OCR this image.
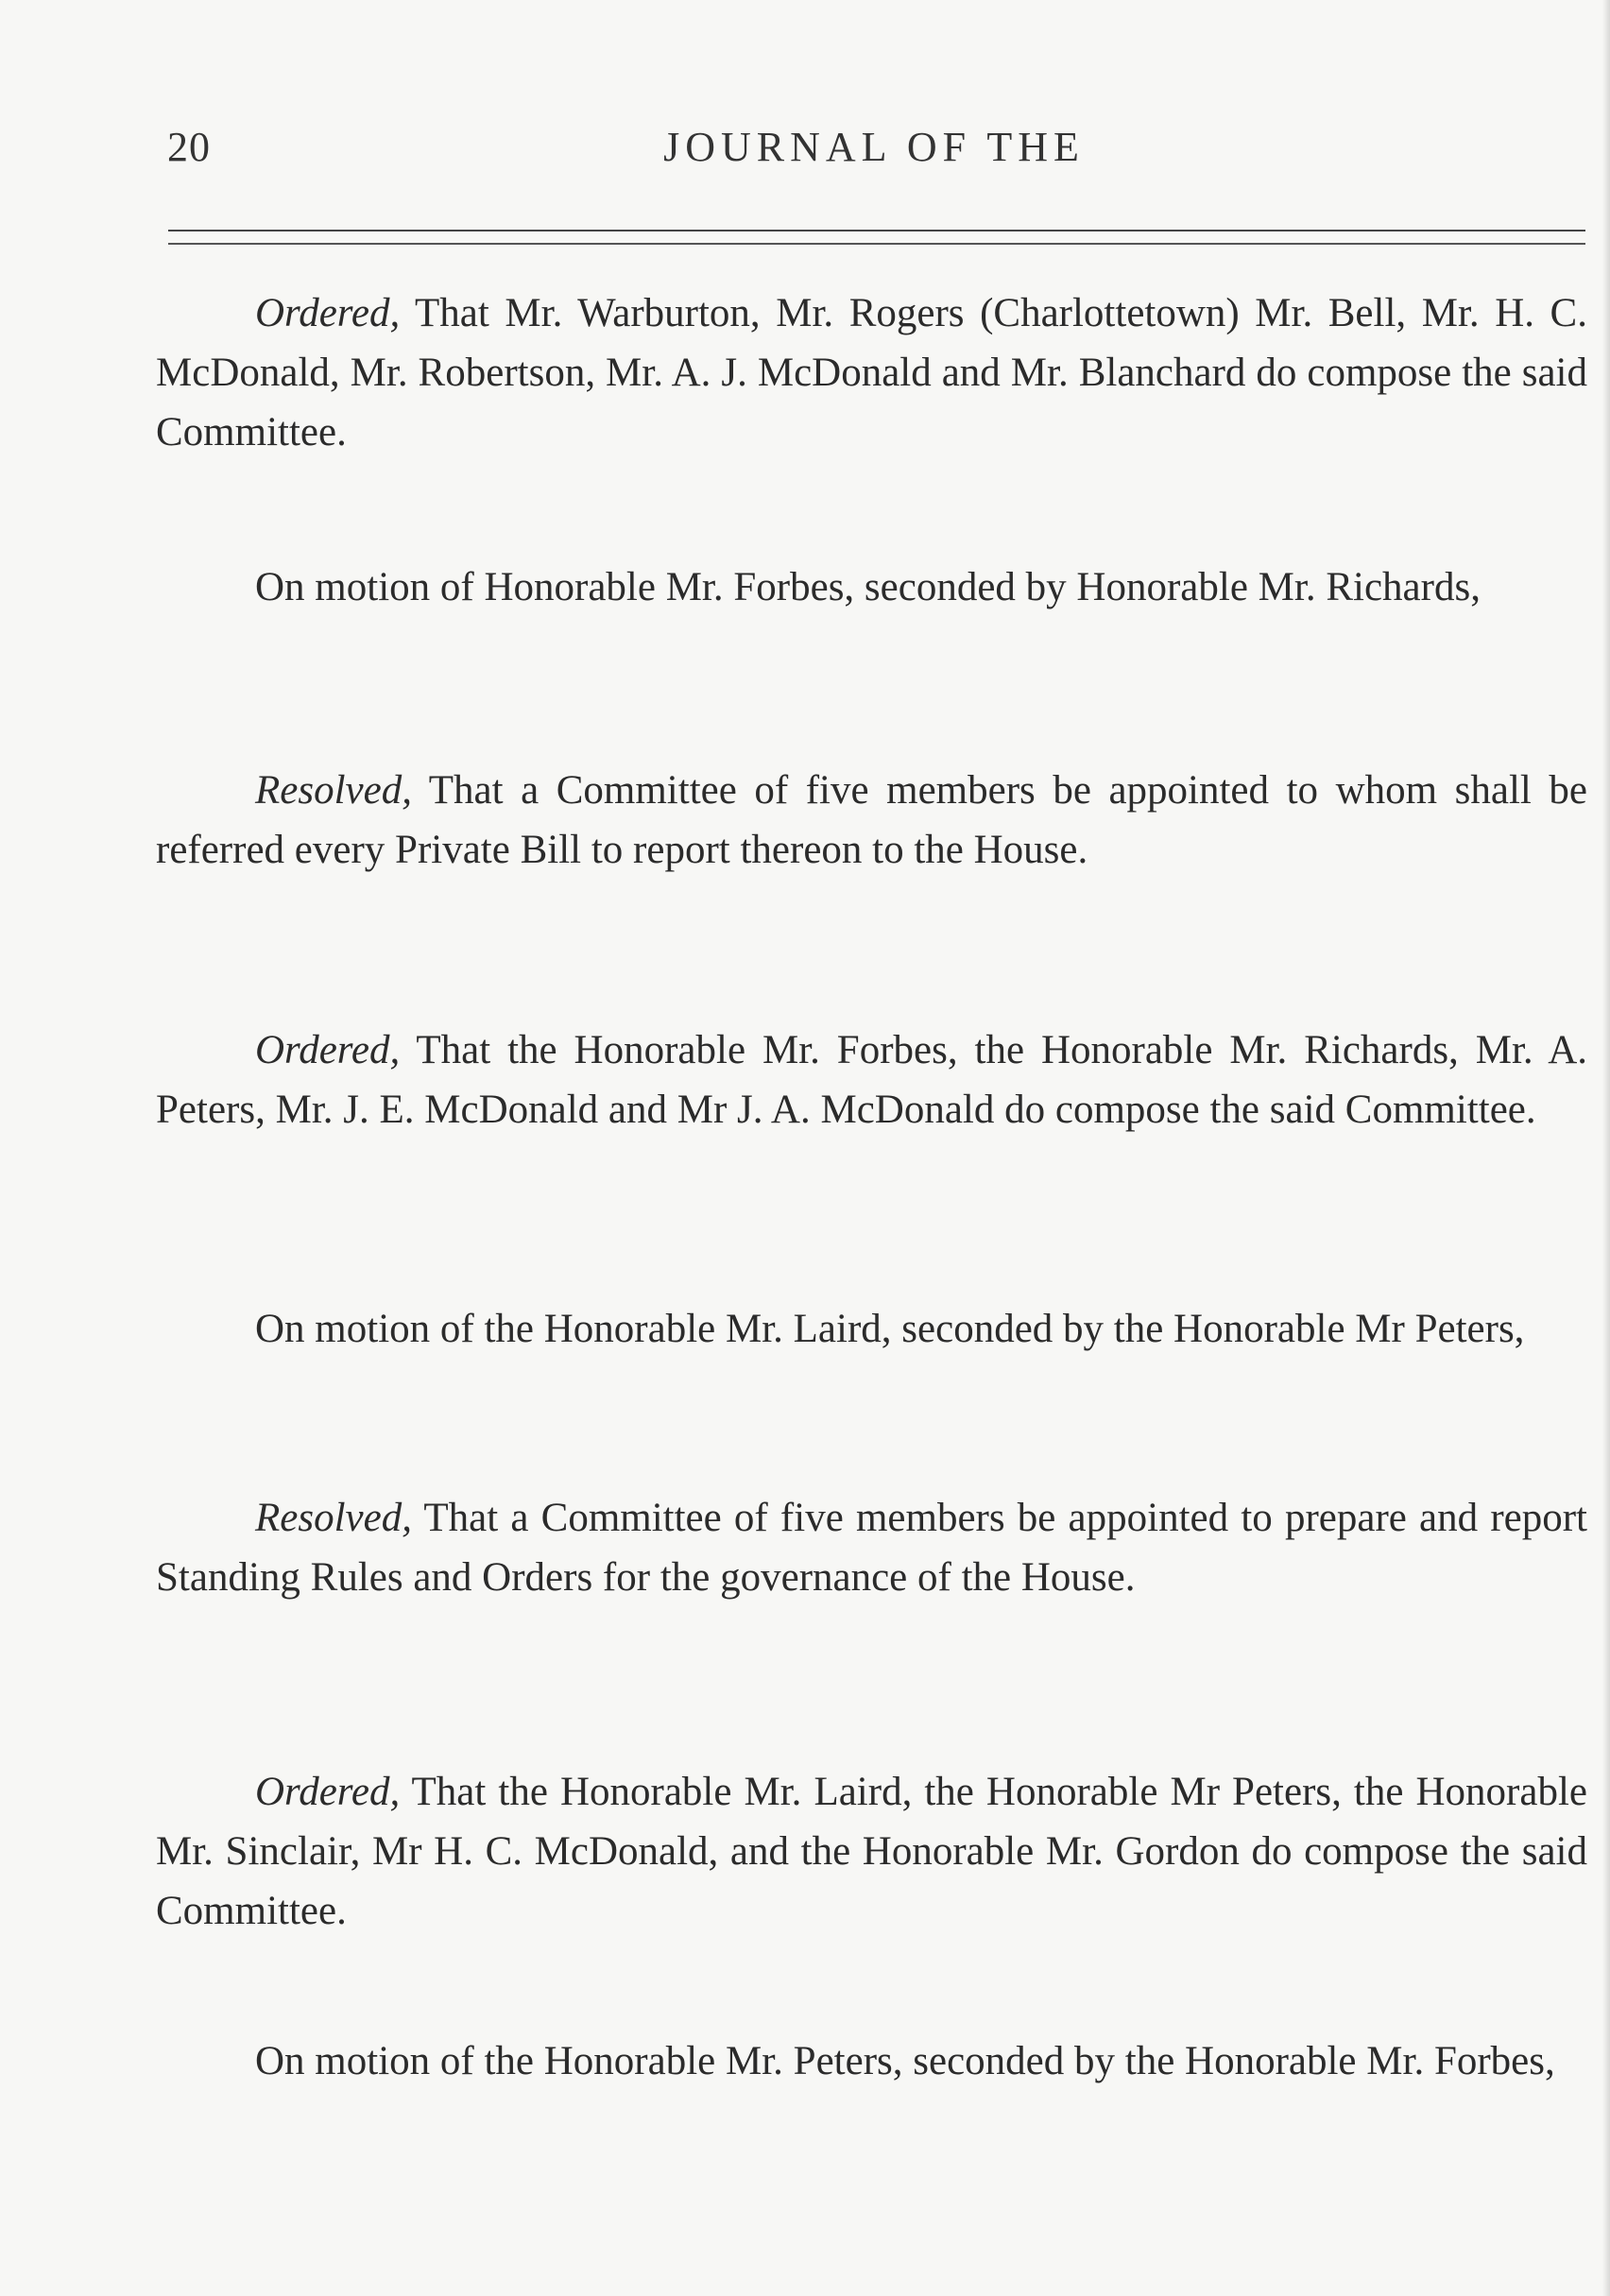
20	JOURNAL OF THE

Ordered, That Mr. Warburton, Mr. Rogers (Charlottetown) Mr. Bell, Mr. H. C. McDonald, Mr. Robertson, Mr. A. J. McDonald and Mr. Blanchard do compose the said Committee.

On motion of Honorable Mr. Forbes, seconded by Honorable Mr. Richards,

Resolved, That a Committee of five members be appointed to whom shall be referred every Private Bill to report thereon to the House.

Ordered, That the Honorable Mr. Forbes, the Honorable Mr. Richards, Mr. A. Peters, Mr. J. E. McDonald and Mr J. A. McDonald do compose the said Committee.

On motion of the Honorable Mr. Laird, seconded by the Honorable Mr Peters,

Resolved, That a Committee of five members be appointed to prepare and report Standing Rules and Orders for the governance of the House.

Ordered, That the Honorable Mr. Laird, the Honorable Mr Peters, the Honorable Mr. Sinclair, Mr H. C. McDonald, and the Honorable Mr. Gordon do compose the said Committee.

On motion of the Honorable Mr. Peters, seconded by the Honorable Mr. Forbes,
